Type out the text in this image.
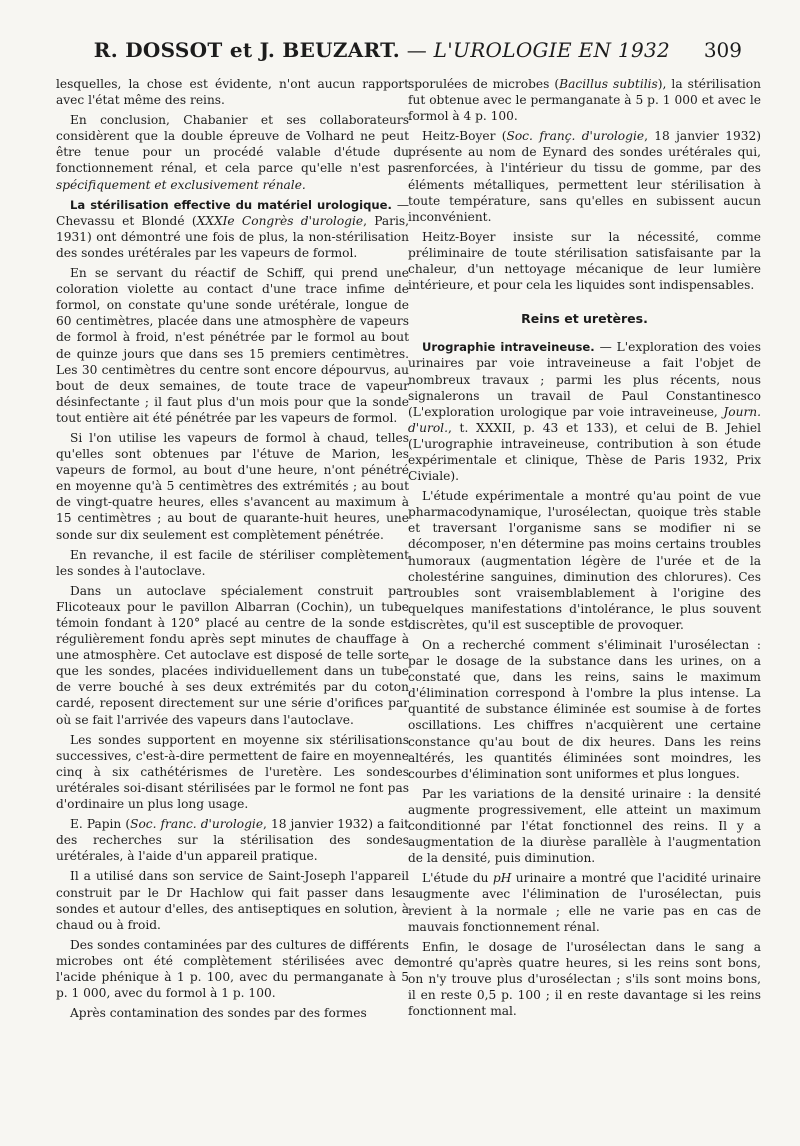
R. DOSSOT et J. BEUZART. — L'UROLOGIE EN 1932	309

lesquelles, la chose est évidente, n'ont aucun rapport avec l'état même des reins.

En conclusion, Chabanier et ses collaborateurs considèrent que la double épreuve de Volhard ne peut être tenue pour un procédé valable d'étude du fonctionnement rénal, et cela parce qu'elle n'est pas spécifiquement et exclusivement rénale.

La stérilisation effective du matériel urologique. — Chevassu et Blondé (XXXIe Congrès d'urologie, Paris, 1931) ont démontré une fois de plus, la non-stérilisation des sondes urétérales par les vapeurs de formol.

En se servant du réactif de Schiff, qui prend une coloration violette au contact d'une trace infime de formol, on constate qu'une sonde urétérale, longue de 60 centimètres, placée dans une atmosphère de vapeurs de formol à froid, n'est pénétrée par le formol au bout de quinze jours que dans ses 15 premiers centimètres. Les 30 centimètres du centre sont encore dépourvus, au bout de deux semaines, de toute trace de vapeur désinfectante ; il faut plus d'un mois pour que la sonde tout entière ait été pénétrée par les vapeurs de formol.

Si l'on utilise les vapeurs de formol à chaud, telles qu'elles sont obtenues par l'étuve de Marion, les vapeurs de formol, au bout d'une heure, n'ont pénétré en moyenne qu'à 5 centimètres des extrémités ; au bout de vingt-quatre heures, elles s'avancent au maximum à 15 centimètres ; au bout de quarante-huit heures, une sonde sur dix seulement est complètement pénétrée.

En revanche, il est facile de stériliser complètement les sondes à l'autoclave.

Dans un autoclave spécialement construit par Flicoteaux pour le pavillon Albarran (Cochin), un tube témoin fondant à 120° placé au centre de la sonde est régulièrement fondu après sept minutes de chauffage à une atmosphère. Cet autoclave est disposé de telle sorte que les sondes, placées individuellement dans un tube de verre bouché à ses deux extrémités par du coton cardé, reposent directement sur une série d'orifices par où se fait l'arrivée des vapeurs dans l'autoclave.

Les sondes supportent en moyenne six stérilisations successives, c'est-à-dire permettent de faire en moyenne cinq à six cathétérismes de l'uretère. Les sondes urétérales soi-disant stérilisées par le formol ne font pas d'ordinaire un plus long usage.

E. Papin (Soc. franc. d'urologie, 18 janvier 1932) a fait des recherches sur la stérilisation des sondes urétérales, à l'aide d'un appareil pratique.

Il a utilisé dans son service de Saint-Joseph l'appareil construit par le Dr Hachlow qui fait passer dans les sondes et autour d'elles, des antiseptiques en solution, à chaud ou à froid.

Des sondes contaminées par des cultures de différents microbes ont été complètement stérilisées avec de l'acide phénique à 1 p. 100, avec du permanganate à 5 p. 1 000, avec du formol à 1 p. 100.

Après contamination des sondes par des formes

sporulées de microbes (Bacillus subtilis), la stérilisation fut obtenue avec le permanganate à 5 p. 1 000 et avec le formol à 4 p. 100.

Heitz-Boyer (Soc. franç. d'urologie, 18 janvier 1932) présente au nom de Eynard des sondes urétérales qui, renforcées, à l'intérieur du tissu de gomme, par des éléments métalliques, permettent leur stérilisation à toute température, sans qu'elles en subissent aucun inconvénient.

Heitz-Boyer insiste sur la nécessité, comme préliminaire de toute stérilisation satisfaisante par la chaleur, d'un nettoyage mécanique de leur lumière intérieure, et pour cela les liquides sont indispensables.

Reins et uretères.

Urographie intraveineuse. — L'exploration des voies urinaires par voie intraveineuse a fait l'objet de nombreux travaux ; parmi les plus récents, nous signalerons un travail de Paul Constantinesco (L'exploration urologique par voie intraveineuse, Journ. d'urol., t. XXXII, p. 43 et 133), et celui de B. Jehiel (L'urographie intraveineuse, contribution à son étude expérimentale et clinique, Thèse de Paris 1932, Prix Civiale).

L'étude expérimentale a montré qu'au point de vue pharmacodynamique, l'urosélectan, quoique très stable et traversant l'organisme sans se modifier ni se décomposer, n'en détermine pas moins certains troubles humoraux (augmentation légère de l'urée et de la cholestérine sanguines, diminution des chlorures). Ces troubles sont vraisemblablement à l'origine des quelques manifestations d'intolérance, le plus souvent discrètes, qu'il est susceptible de provoquer.

On a recherché comment s'éliminait l'urosélectan : par le dosage de la substance dans les urines, on a constaté que, dans les reins, sains le maximum d'élimination correspond à l'ombre la plus intense. La quantité de substance éliminée est soumise à de fortes oscillations. Les chiffres n'acquièrent une certaine constance qu'au bout de dix heures. Dans les reins altérés, les quantités éliminées sont moindres, les courbes d'élimination sont uniformes et plus longues.

Par les variations de la densité urinaire : la densité augmente progressivement, elle atteint un maximum conditionné par l'état fonctionnel des reins. Il y a augmentation de la diurèse parallèle à l'augmentation de la densité, puis diminution.

L'étude du pH urinaire a montré que l'acidité urinaire augmente avec l'élimination de l'urosélectan, puis revient à la normale ; elle ne varie pas en cas de mauvais fonctionnement rénal.

Enfin, le dosage de l'urosélectan dans le sang a montré qu'après quatre heures, si les reins sont bons, on n'y trouve plus d'urosélectan ; s'ils sont moins bons, il en reste 0,5 p. 100 ; il en reste davantage si les reins fonctionnent mal.
